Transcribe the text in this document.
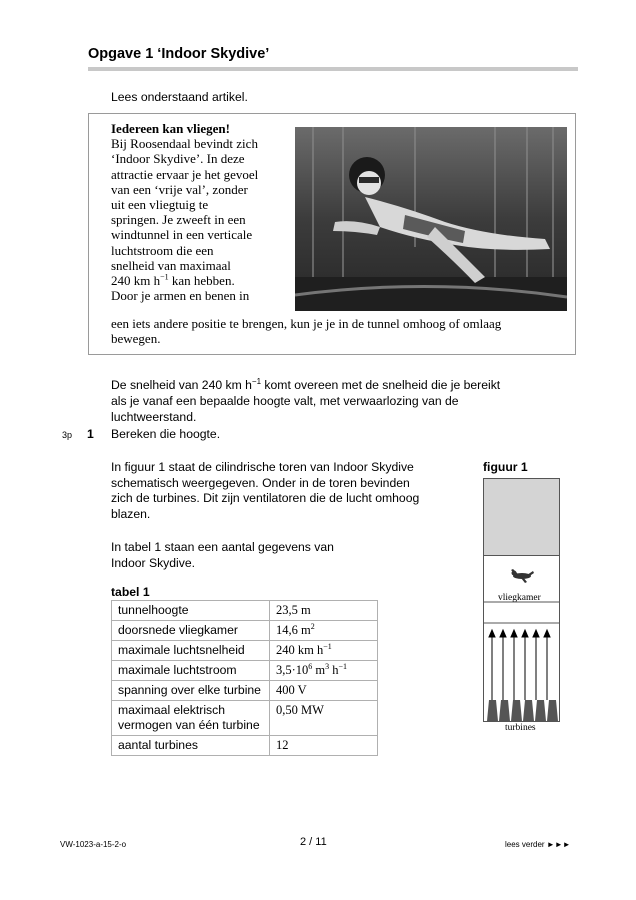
Opgave 1 ‘Indoor Skydive’
Lees onderstaand artikel.
Iedereen kan vliegen!
Bij Roosendaal bevindt zich
‘Indoor Skydive’. In deze
attractie ervaar je het gevoel
van een ‘vrije val’, zonder
uit een vliegtuig te
springen. Je zweeft in een
windtunnel in een verticale
luchtstroom die een
snelheid van maximaal
240 km $h^{-1}$ kan hebben.
Door je armen en benen in
een iets andere positie te brengen, kun je je in de tunnel omhoog of omlaag
bewegen.
De snelheid van 240 km $h^{-1}$ komt overeen met de snelheid die je bereikt
als je vanaf een bepaalde hoogte valt, met verwaarlozing van de
luchtweerstand.
3p 1 Bereken die hoogte.
In figuur 1 staat de cilindrische toren van Indoor Skydive
schematisch weergegeven. Onder in de toren bevinden
zich de turbines. Dit zijn ventilatoren die de lucht omhoog
blazen.
In tabel 1 staan een aantal gegevens van
Indoor Skydive.
tabel 1
tunnelhoogte	23,5 m
doorsnede vliegkamer	14,6 $m^2$
maximale luchtsnelheid	240 km $h^{-1}$
maximale luchtstroom	$3,5\cdot 10^6$ $m^3$ $h^{-1}$
spanning over elke turbine	400 V
maximaal elektrisch vermogen van één turbine	0,50 MW
aantal turbines	12
figuur 1
vliegkamer
turbines
VW-1023-a-15-2-o	2 / 11	lees verder ►►►
